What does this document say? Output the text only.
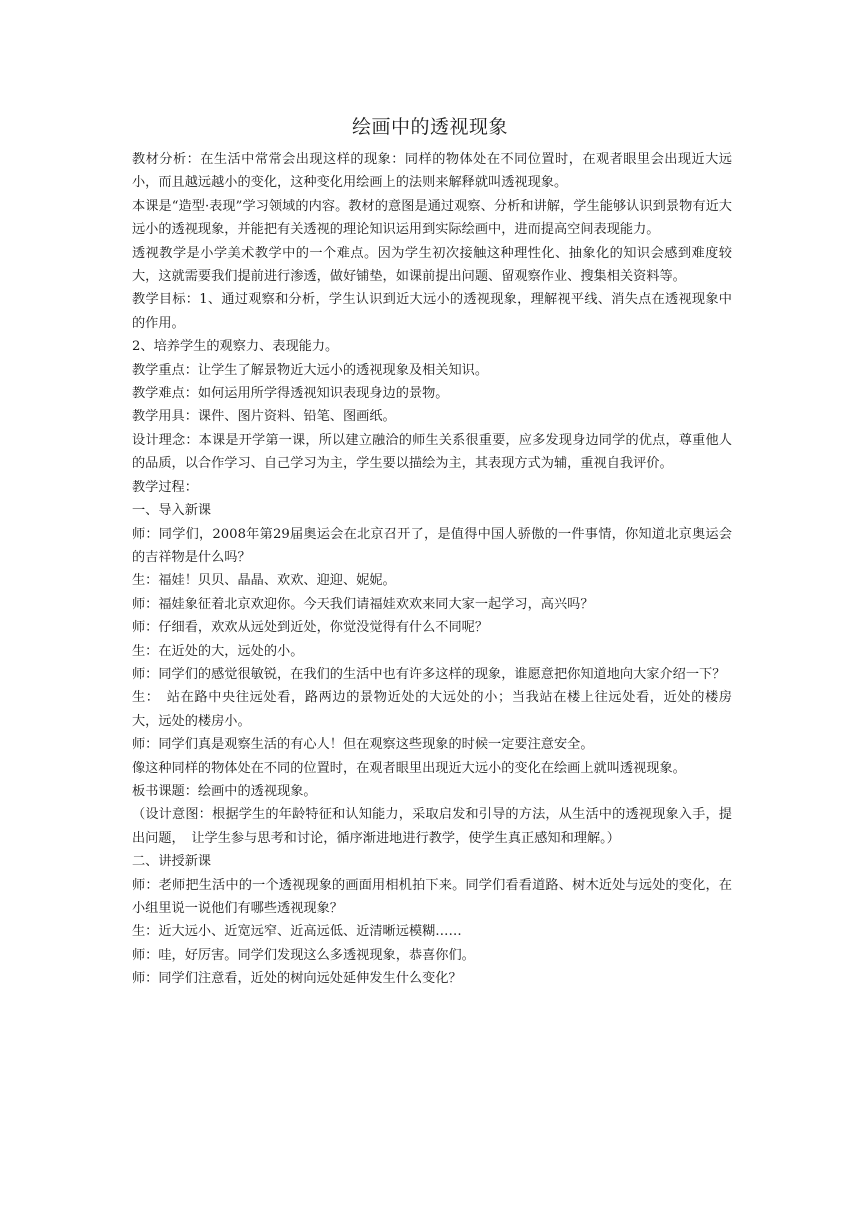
绘画中的透视现象

教材分析：在生活中常常会出现这样的现象：同样的物体处在不同位置时，在观者眼里会出现近大远小，而且越远越小的变化，这种变化用绘画上的法则来解释就叫透视现象。

本课是“造型·表现”学习领域的内容。教材的意图是通过观察、分析和讲解，学生能够认识到景物有近大远小的透视现象，并能把有关透视的理论知识运用到实际绘画中，进而提高空间表现能力。

透视教学是小学美术教学中的一个难点。因为学生初次接触这种理性化、抽象化的知识会感到难度较大，这就需要我们提前进行渗透，做好铺垫，如课前提出问题、留观察作业、搜集相关资料等。

教学目标：1、通过观察和分析，学生认识到近大远小的透视现象，理解视平线、消失点在透视现象中的作用。

2、培养学生的观察力、表现能力。

教学重点：让学生了解景物近大远小的透视现象及相关知识。

教学难点：如何运用所学得透视知识表现身边的景物。

教学用具：课件、图片资料、铅笔、图画纸。

设计理念：本课是开学第一课，所以建立融洽的师生关系很重要，应多发现身边同学的优点，尊重他人的品质，以合作学习、自己学习为主，学生要以描绘为主，其表现方式为辅，重视自我评价。

教学过程：

一、导入新课

师：同学们，2008年第29届奥运会在北京召开了，是值得中国人骄傲的一件事情，你知道北京奥运会的吉祥物是什么吗？

生：福娃！贝贝、晶晶、欢欢、迎迎、妮妮。

师：福娃象征着北京欢迎你。今天我们请福娃欢欢来同大家一起学习，高兴吗？

师：仔细看，欢欢从远处到近处，你觉没觉得有什么不同呢？

生：在近处的大，远处的小。

师：同学们的感觉很敏锐，在我们的生活中也有许多这样的现象，谁愿意把你知道地向大家介绍一下？

生：　站在路中央往远处看，路两边的景物近处的大远处的小；当我站在楼上往远处看，近处的楼房大，远处的楼房小。

师：同学们真是观察生活的有心人！但在观察这些现象的时候一定要注意安全。

像这种同样的物体处在不同的位置时，在观者眼里出现近大远小的变化在绘画上就叫透视现象。

板书课题：绘画中的透视现象。

（设计意图：根据学生的年龄特征和认知能力，采取启发和引导的方法，从生活中的透视现象入手，提出问题，　让学生参与思考和讨论，循序渐进地进行教学，使学生真正感知和理解。）

二、讲授新课

师：老师把生活中的一个透视现象的画面用相机拍下来。同学们看看道路、树木近处与远处的变化，在小组里说一说他们有哪些透视现象？

生：近大远小、近宽远窄、近高远低、近清晰远模糊……

师：哇，好厉害。同学们发现这么多透视现象，恭喜你们。

师：同学们注意看，近处的树向远处延伸发生什么变化？
